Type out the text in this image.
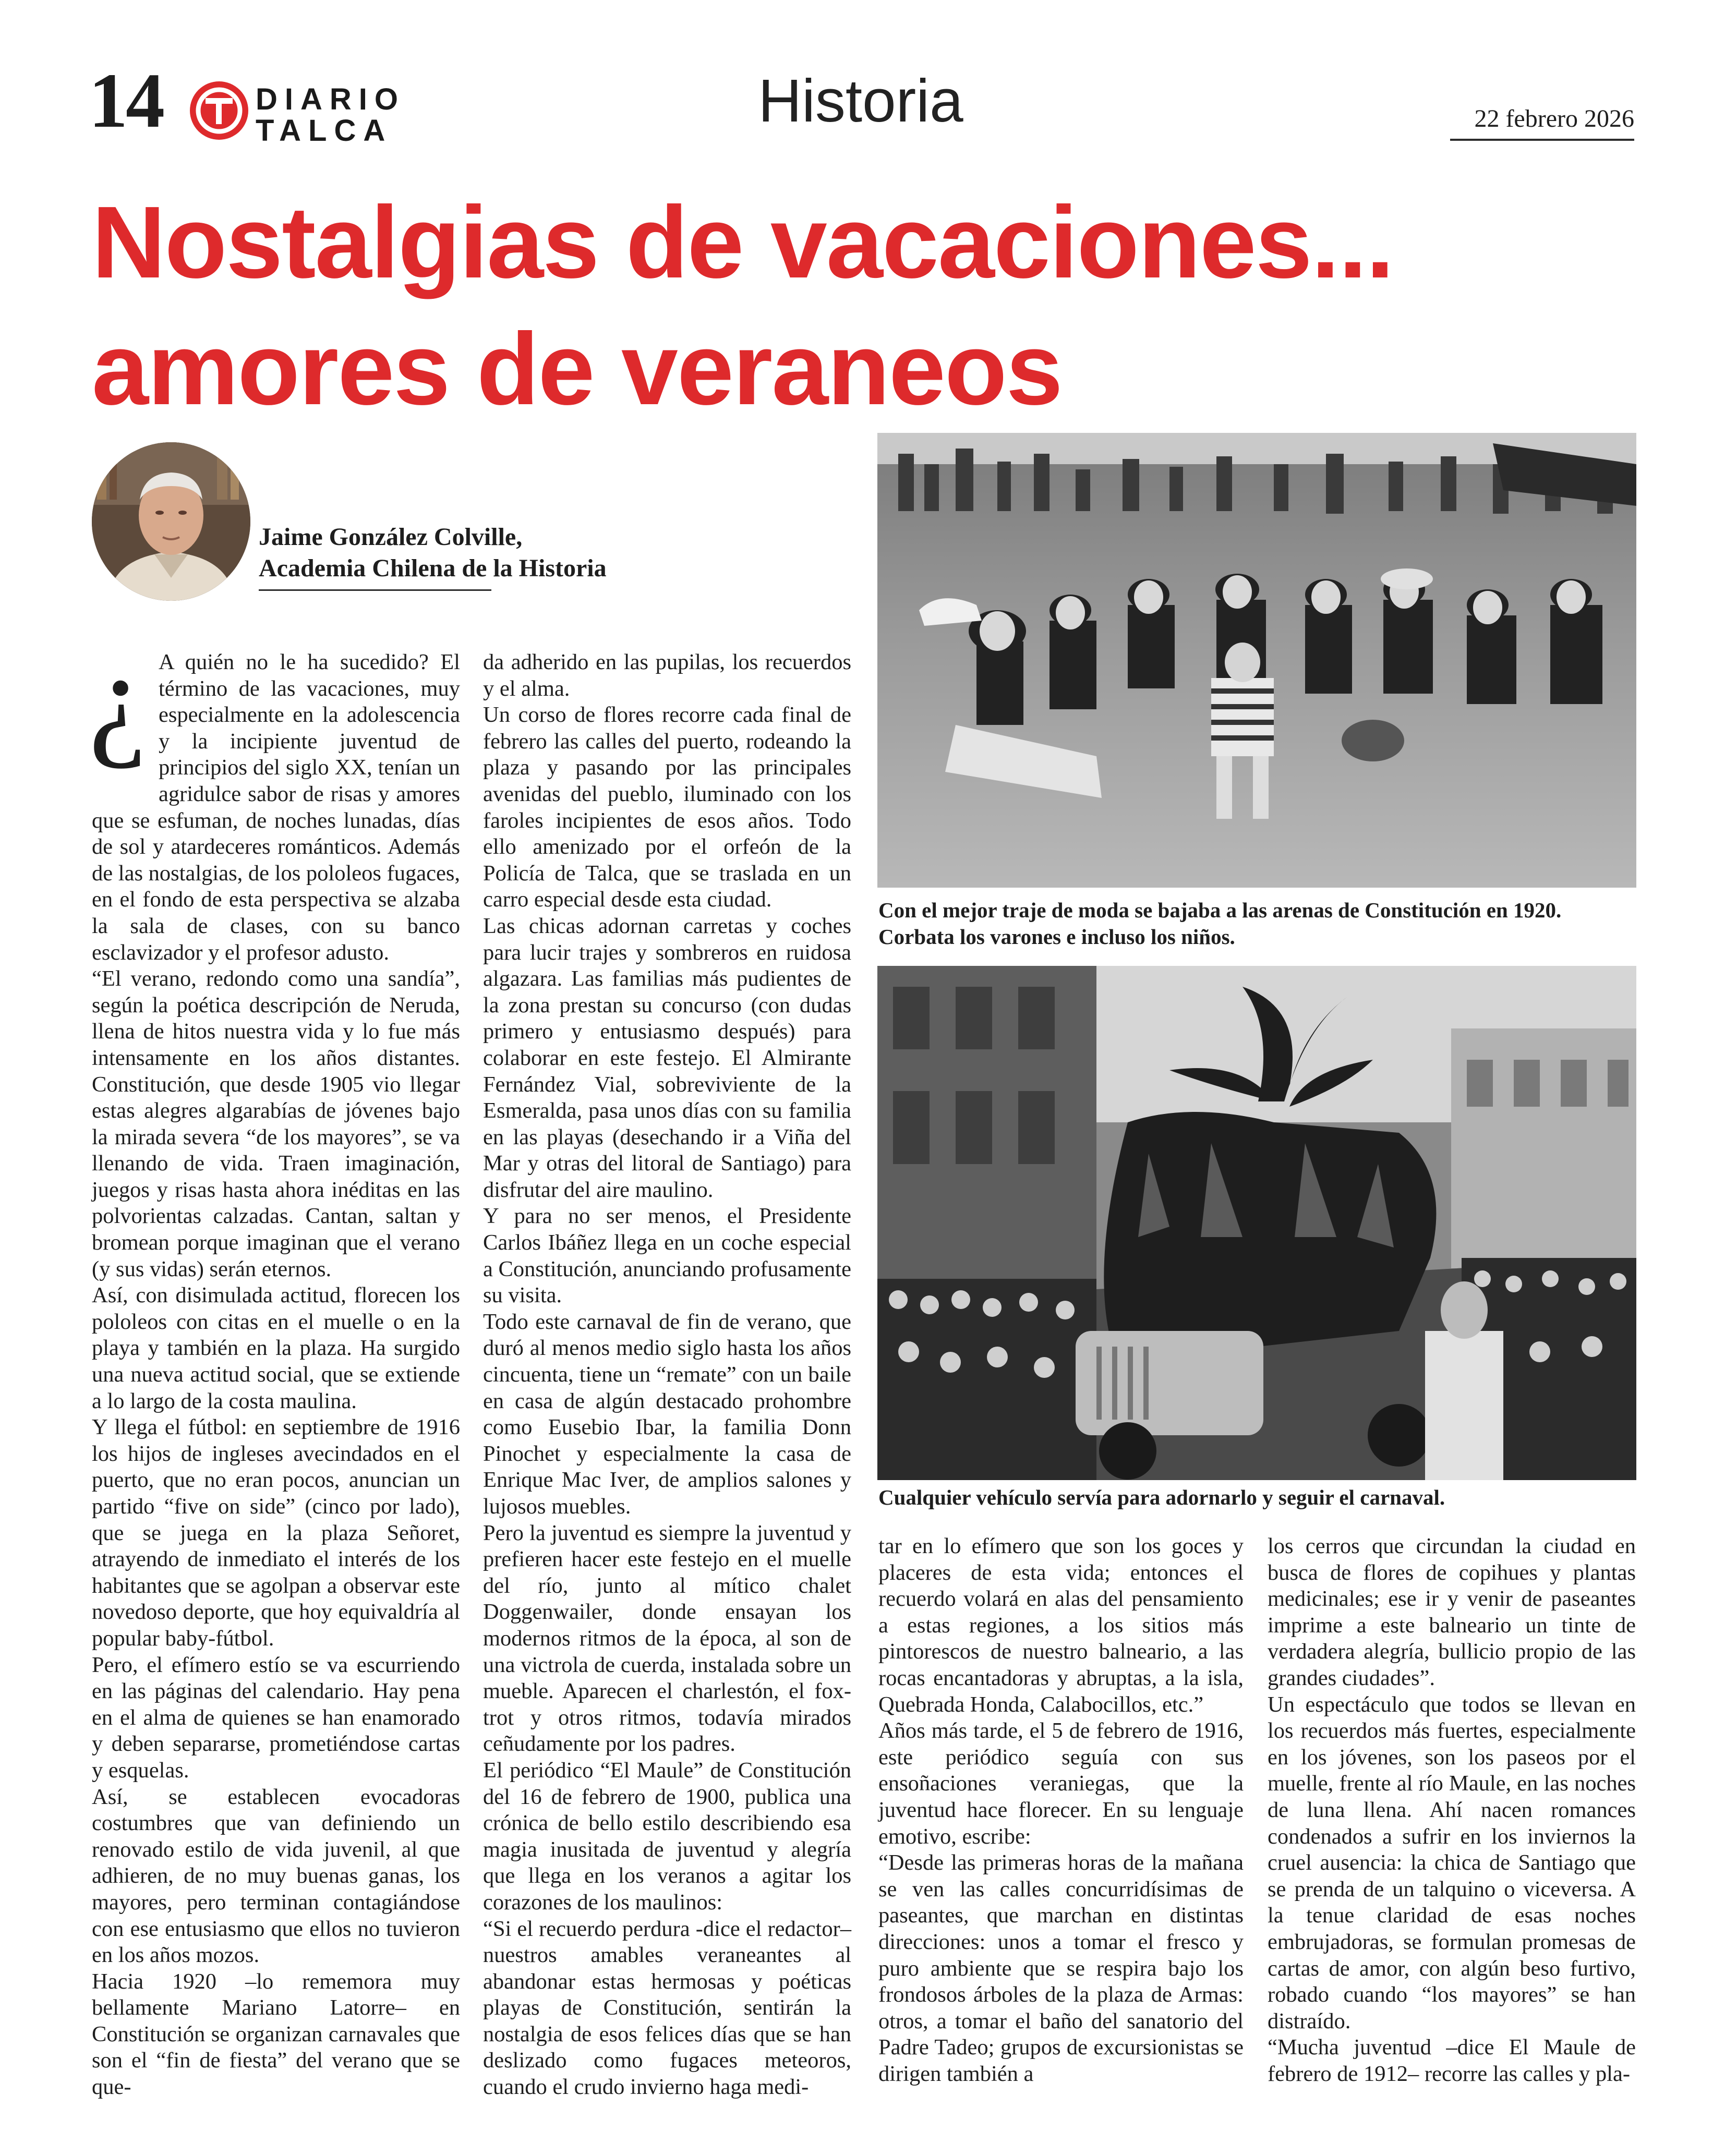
14	DIARIO
TALCA	Historia	22 febrero 2026
Nostalgias de vacaciones...
amores de veraneos
Jaime González Colville,
Academia Chilena de la Historia
¿ A quién no le ha sucedido? El término de las vacaciones, muy especialmente en la adolescencia y la incipiente juventud de principios del siglo XX, tenían un agridulce sabor de risas y amores que se esfuman, de noches lunadas, días de sol y atardeceres románticos. Además de las nostalgias, de los pololeos fugaces, en el fondo de esta perspectiva se alzaba la sala de clases, con su banco esclavizador y el profesor adusto.

“El verano, redondo como una sandía”, según la poética descripción de Neruda, llena de hitos nuestra vida y lo fue más intensamente en los años distantes. Constitución, que desde 1905 vio llegar estas alegres algarabías de jóvenes bajo la mirada severa “de los mayores”, se va llenando de vida. Traen imaginación, juegos y risas hasta ahora inéditas en las polvorientas calzadas. Cantan, saltan y bromean porque imaginan que el verano (y sus vidas) serán eternos.

Así, con disimulada actitud, florecen los pololeos con citas en el muelle o en la playa y también en la plaza. Ha surgido una nueva actitud social, que se extiende a lo largo de la costa maulina.

Y llega el fútbol: en septiembre de 1916 los hijos de ingleses avecindados en el puerto, que no eran pocos, anuncian un partido “five on side” (cinco por lado), que se juega en la plaza Señoret, atrayendo de inmediato el interés de los habitantes que se agolpan a observar este novedoso deporte, que hoy equivaldría al popular baby-fútbol.

Pero, el efímero estío se va escurriendo en las páginas del calendario. Hay pena en el alma de quienes se han enamorado y deben separarse, prometiéndose cartas y esquelas.

Así, se establecen evocadoras costumbres que van definiendo un renovado estilo de vida juvenil, al que adhieren, de no muy buenas ganas, los mayores, pero terminan contagiándose con ese entusiasmo que ellos no tuvieron en los años mozos.

Hacia 1920 –lo rememora muy bellamente Mariano Latorre– en Constitución se organizan carnavales que son el “fin de fiesta” del verano que se que-

da adherido en las pupilas, los recuerdos y el alma.

Un corso de flores recorre cada final de febrero las calles del puerto, rodeando la plaza y pasando por las principales avenidas del pueblo, iluminado con los faroles incipientes de esos años. Todo ello amenizado por el orfeón de la Policía de Talca, que se traslada en un carro especial desde esta ciudad.

Las chicas adornan carretas y coches para lucir trajes y sombreros en ruidosa algazara. Las familias más pudientes de la zona prestan su concurso (con dudas primero y entusiasmo después) para colaborar en este festejo. El Almirante Fernández Vial, sobreviviente de la Esmeralda, pasa unos días con su familia en las playas (desechando ir a Viña del Mar y otras del litoral de Santiago) para disfrutar del aire maulino.

Y para no ser menos, el Presidente Carlos Ibáñez llega en un coche especial a Constitución, anunciando profusamente su visita.

Todo este carnaval de fin de verano, que duró al menos medio siglo hasta los años cincuenta, tiene un “remate” con un baile en casa de algún destacado prohombre como Eusebio Ibar, la familia Donn Pinochet y especialmente la casa de Enrique Mac Iver, de amplios salones y lujosos muebles.

Pero la juventud es siempre la juventud y prefieren hacer este festejo en el muelle del río, junto al mítico chalet Doggenwailer, donde ensayan los modernos ritmos de la época, al son de una victrola de cuerda, instalada sobre un mueble. Aparecen el charlestón, el fox-trot y otros ritmos, todavía mirados ceñudamente por los padres.

El periódico “El Maule” de Constitución del 16 de febrero de 1900, publica una crónica de bello estilo describiendo esa magia inusitada de juventud y alegría que llega en los veranos a agitar los corazones de los maulinos:

“Si el recuerdo perdura -dice el redactor– nuestros amables veraneantes al abandonar estas hermosas y poéticas playas de Constitución, sentirán la nostalgia de esos felices días que se han deslizado como fugaces meteoros, cuando el crudo invierno haga medi-

Con el mejor traje de moda se bajaba a las arenas de Constitución en 1920. Corbata los varones e incluso los niños.
Cualquier vehículo servía para adornarlo y seguir el carnaval.

tar en lo efímero que son los goces y placeres de esta vida; entonces el recuerdo volará en alas del pensamiento a estas regiones, a los sitios más pintorescos de nuestro balneario, a las rocas encantadoras y abruptas, a la isla, Quebrada Honda, Calabocillos, etc.”

Años más tarde, el 5 de febrero de 1916, este periódico seguía con sus ensoñaciones veraniegas, que la juventud hace florecer. En su lenguaje emotivo, escribe:

“Desde las primeras horas de la mañana se ven las calles concurridísimas de paseantes, que marchan en distintas direcciones: unos a tomar el fresco y puro ambiente que se respira bajo los frondosos árboles de la plaza de Armas: otros, a tomar el baño del sanatorio del Padre Tadeo; grupos de excursionistas se dirigen también a

los cerros que circundan la ciudad en busca de flores de copihues y plantas medicinales; ese ir y venir de paseantes imprime a este balneario un tinte de verdadera alegría, bullicio propio de las grandes ciudades”.

Un espectáculo que todos se llevan en los recuerdos más fuertes, especialmente en los jóvenes, son los paseos por el muelle, frente al río Maule, en las noches de luna llena. Ahí nacen romances condenados a sufrir en los inviernos la cruel ausencia: la chica de Santiago que se prenda de un talquino o viceversa. A la tenue claridad de esas noches embrujadoras, se formulan promesas de cartas de amor, con algún beso furtivo, robado cuando “los mayores” se han distraído.

“Mucha juventud –dice El Maule de febrero de 1912– recorre las calles y pla-
